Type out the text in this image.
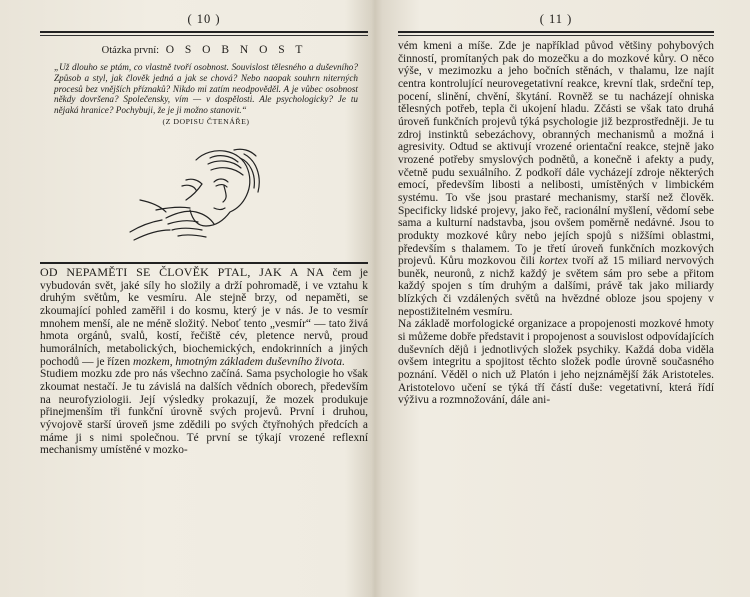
( 10 )
Otázka první: O S O B N O S T
„Už dlouho se ptám, co vlastně tvoří osobnost. Souvislost tělesného a duševního? Způsob a styl, jak člověk jedná a jak se chová? Nebo naopak souhrn niterných procesů bez vnějších příznaků? Nikdo mi zatím neodpověděl. A je vůbec osobnost někdy dovršena? Společensky, vím — v dospělosti. Ale psychologicky? Je tu nějaká hranice? Pochybuji, že je ji možno stanovit.“
(Z DOPISU ČTENÁŘE)

OD NEPAMĚTI SE ČLOVĚK PTAL, JAK A NA čem je vybudován svět, jaké síly ho složily a drží pohromadě, i ve vztahu k druhým světům, ke vesmíru. Ale stejně brzy, od nepaměti, se zkoumající pohled zaměřil i do kosmu, který je v nás. Je to vesmír mnohem menší, ale ne méně složitý. Neboť tento „vesmír“ — tato živá hmota orgánů, svalů, kostí, řečiště cév, pletence nervů, proud humorálních, metabolických, biochemických, endokrinních a jiných pochodů — je řízen mozkem, hmotným základem duševního života.

Studiem mozku zde pro nás všechno začíná. Sama psychologie ho však zkoumat nestačí. Je tu závislá na dalších vědních oborech, především na neurofyziologii. Její výsledky prokazují, že mozek produkuje přinejmenším tři funkční úrovně svých projevů. První i druhou, vývojově starší úroveň jsme zdědili po svých čtyřnohých předcích a máme ji s nimi společnou. Té první se týkají vrozené reflexní mechanismy umístěné v mozko-

( 11 )

vém kmeni a míše. Zde je například původ většiny pohybových činností, promítaných pak do mozečku a do mozkové kůry. O něco výše, v mezimozku a jeho bočních stěnách, v thalamu, lze najít centra kontrolující neurovegetativní reakce, krevní tlak, srdeční tep, pocení, slinění, chvění, škytání. Rovněž se tu nacházejí ohniska tělesných potřeb, tepla či ukojení hladu. Zčásti se však tato druhá úroveň funkčních projevů týká psychologie již bezprostředněji. Je tu zdroj instinktů sebezáchovy, obranných mechanismů a možná i agresivity. Odtud se aktivují vrozené orientační reakce, stejně jako vrozené potřeby smyslových podnětů, a konečně i afekty a pudy, včetně pudu sexuálního. Z podkoří dále vycházejí zdroje některých emocí, především libosti a nelibosti, umístěných v limbickém systému. To vše jsou prastaré mechanismy, starší než člověk. Specificky lidské projevy, jako řeč, racionální myšlení, vědomí sebe sama a kulturní nadstavba, jsou ovšem poměrně nedávné. Jsou to produkty mozkové kůry nebo jejích spojů s nižšími oblastmi, především s thalamem. To je třetí úroveň funkčních mozkových projevů. Kůru mozkovou čili kortex tvoří až 15 miliard nervových buněk, neuronů, z nichž každý je světem sám pro sebe a přitom každý spojen s tím druhým a dalšími, právě tak jako miliardy blízkých či vzdálených světů na hvězdné obloze jsou spojeny v nepostižitelném vesmíru.

Na základě morfologické organizace a propojenosti mozkové hmoty si můžeme dobře představit i propojenost a souvislost odpovídajících duševních dějů i jednotlivých složek psychiky. Každá doba viděla ovšem integritu a spojitost těchto složek podle úrovně současného poznání. Věděl o nich už Platón i jeho nejznámější žák Aristoteles. Aristotelovo učení se týká tří částí duše: vegetativní, která řídí výživu a rozmnožování, dále ani-
